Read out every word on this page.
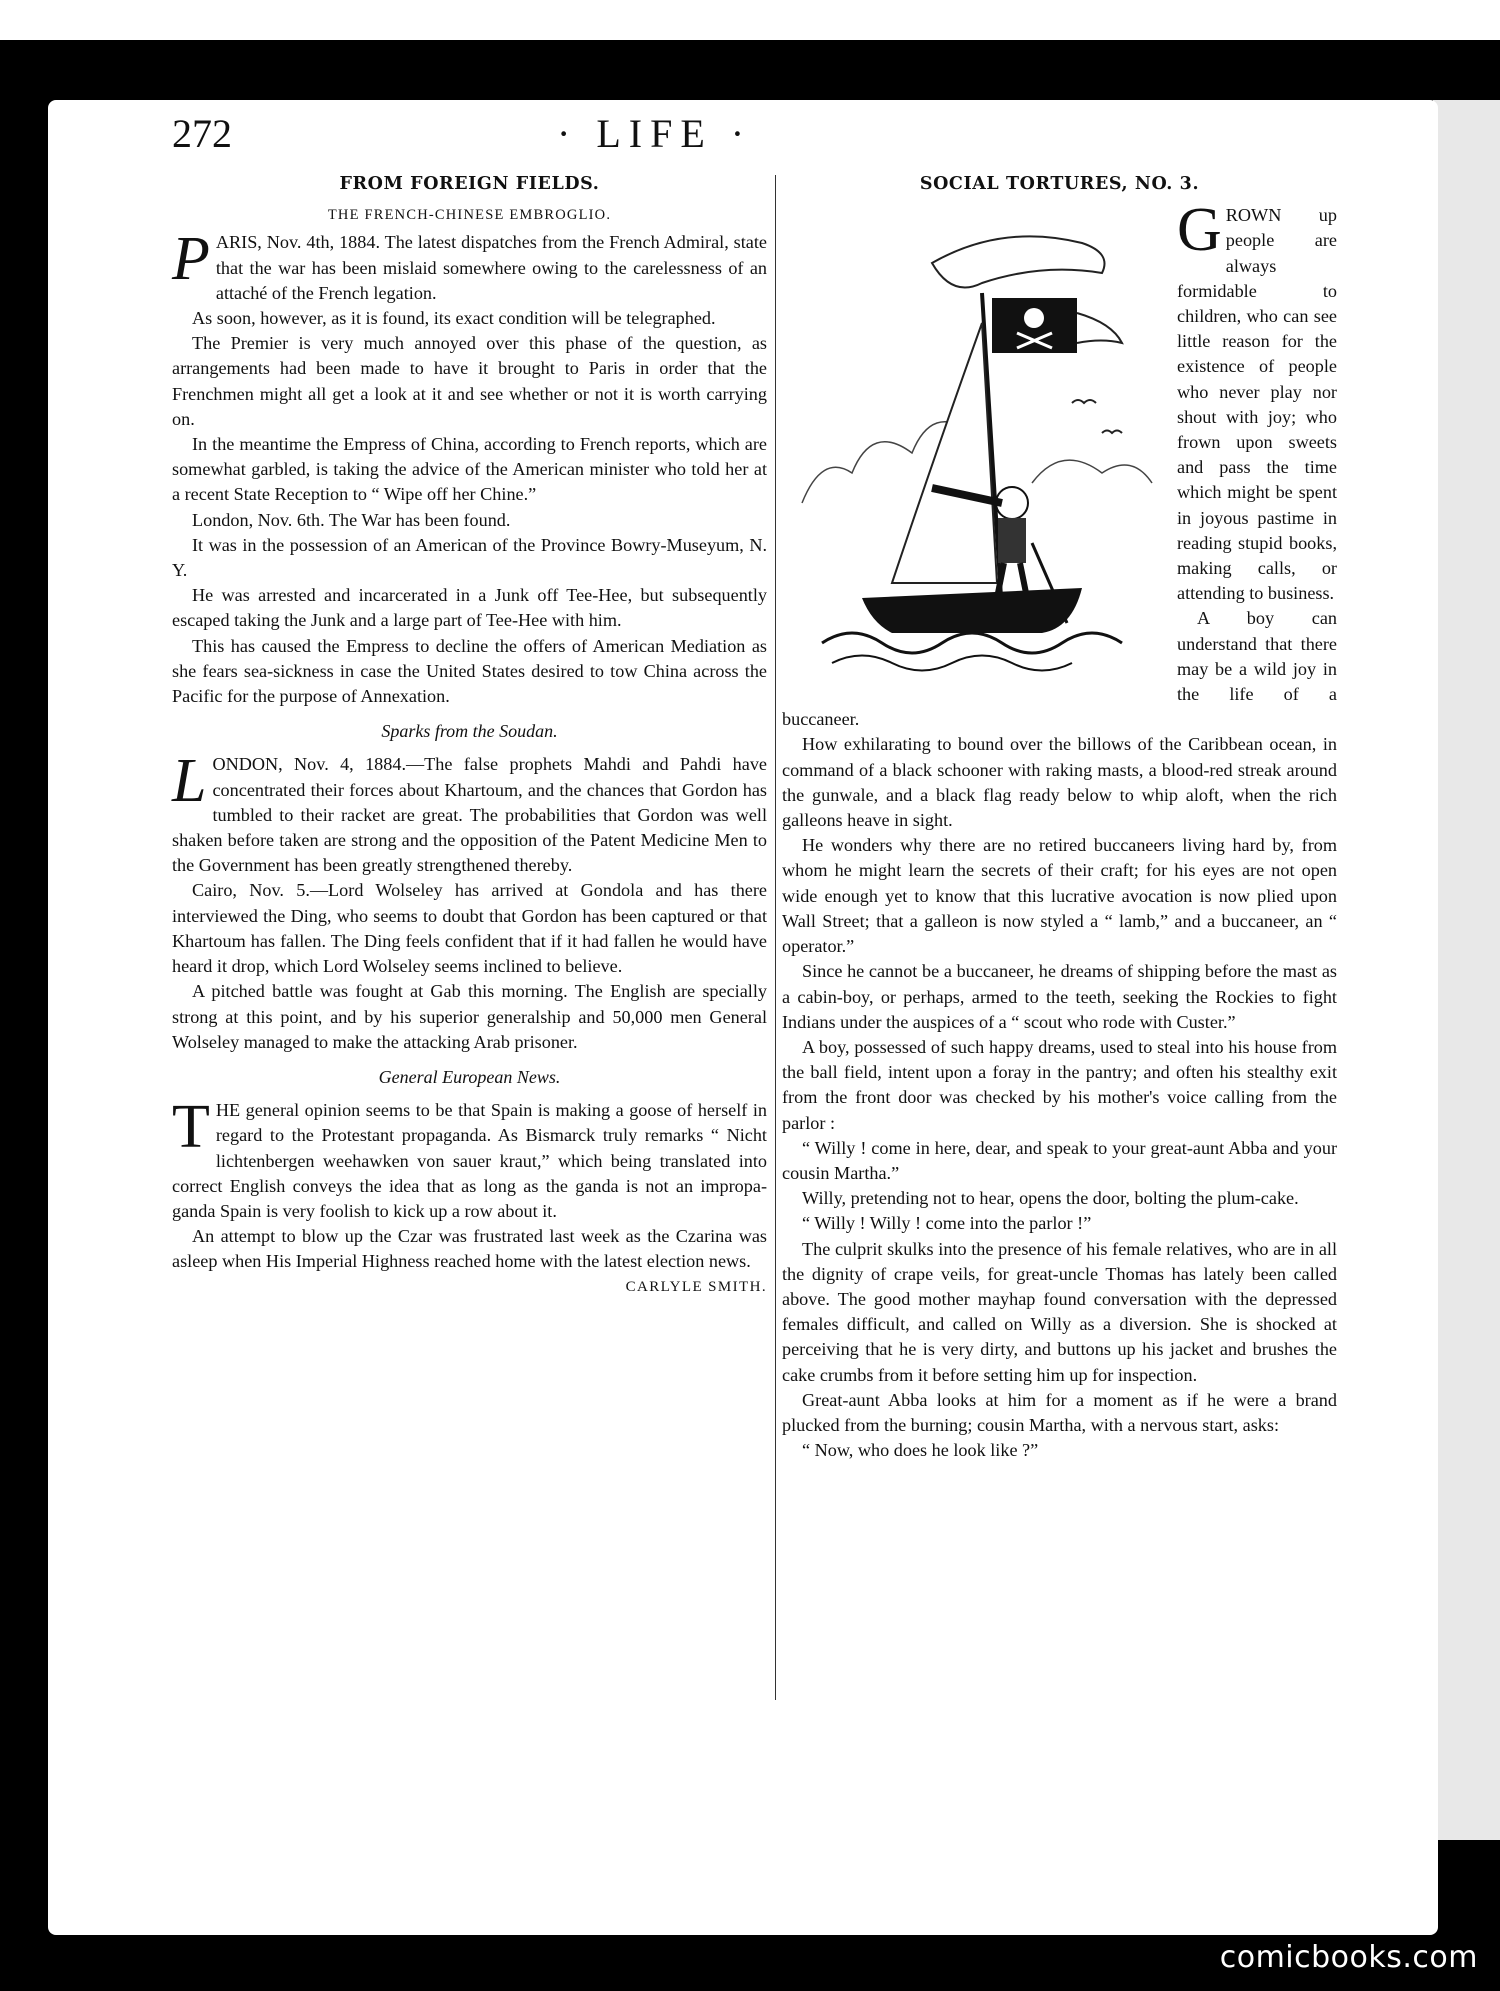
272	· LIFE ·
FROM FOREIGN FIELDS.
THE FRENCH-CHINESE EMBROGLIO.

PARIS, Nov. 4th, 1884. The latest dispatches from the French Admiral, state that the war has been mislaid somewhere owing to the carelessness of an attaché of the French legation.

As soon, however, as it is found, its exact condition will be telegraphed.

The Premier is very much annoyed over this phase of the question, as arrangements had been made to have it brought to Paris in order that the Frenchmen might all get a look at it and see whether or not it is worth carrying on.

In the meantime the Empress of China, according to French reports, which are somewhat garbled, is taking the advice of the American minister who told her at a recent State Reception to “ Wipe off her Chine.”

London, Nov. 6th. The War has been found.

It was in the possession of an American of the Province Bowry-Museyum, N. Y.

He was arrested and incarcerated in a Junk off Tee-Hee, but subsequently escaped taking the Junk and a large part of Tee-Hee with him.

This has caused the Empress to decline the offers of American Mediation as she fears sea-sickness in case the United States desired to tow China across the Pacific for the purpose of Annexation.

Sparks from the Soudan.

LONDON, Nov. 4, 1884.—The false prophets Mahdi and Pahdi have concentrated their forces about Khartoum, and the chances that Gordon has tumbled to their racket are great. The probabilities that Gordon was well shaken before taken are strong and the opposition of the Patent Medicine Men to the Government has been greatly strengthened thereby.

Cairo, Nov. 5.—Lord Wolseley has arrived at Gondola and has there interviewed the Ding, who seems to doubt that Gordon has been captured or that Khartoum has fallen. The Ding feels confident that if it had fallen he would have heard it drop, which Lord Wolseley seems inclined to believe.

A pitched battle was fought at Gab this morning. The English are specially strong at this point, and by his superior generalship and 50,000 men General Wolseley managed to make the attacking Arab prisoner.

General European News.

THE general opinion seems to be that Spain is making a goose of herself in regard to the Protestant propaganda. As Bismarck truly remarks “ Nicht lichtenbergen weehawken von sauer kraut,” which being translated into correct English conveys the idea that as long as the ganda is not an impropa-ganda Spain is very foolish to kick up a row about it.

An attempt to blow up the Czar was frustrated last week as the Czarina was asleep when His Imperial Highness reached home with the latest election news.

CARLYLE SMITH.

SOCIAL TORTURES, NO. 3.

GROWN up people are always formidable to children, who can see little reason for the existence of people who never play nor shout with joy; who frown upon sweets and pass the time which might be spent in joyous pastime in reading stupid books, making calls, or attending to business.

A boy can understand that there may be a wild joy in the life of a buccaneer.

How exhilarating to bound over the billows of the Caribbean ocean, in command of a black schooner with raking masts, a blood-red streak around the gunwale, and a black flag ready below to whip aloft, when the rich galleons heave in sight.

He wonders why there are no retired buccaneers living hard by, from whom he might learn the secrets of their craft; for his eyes are not open wide enough yet to know that this lucrative avocation is now plied upon Wall Street; that a galleon is now styled a “ lamb,” and a buccaneer, an “ operator.”

Since he cannot be a buccaneer, he dreams of shipping before the mast as a cabin-boy, or perhaps, armed to the teeth, seeking the Rockies to fight Indians under the auspices of a “ scout who rode with Custer.”

A boy, possessed of such happy dreams, used to steal into his house from the ball field, intent upon a foray in the pantry; and often his stealthy exit from the front door was checked by his mother's voice calling from the parlor :

“ Willy ! come in here, dear, and speak to your great-aunt Abba and your cousin Martha.”

Willy, pretending not to hear, opens the door, bolting the plum-cake.

“ Willy ! Willy ! come into the parlor !”

The culprit skulks into the presence of his female relatives, who are in all the dignity of crape veils, for great-uncle Thomas has lately been called above. The good mother mayhap found conversation with the depressed females difficult, and called on Willy as a diversion. She is shocked at perceiving that he is very dirty, and buttons up his jacket and brushes the cake crumbs from it before setting him up for inspection.

Great-aunt Abba looks at him for a moment as if he were a brand plucked from the burning; cousin Martha, with a nervous start, asks:

“ Now, who does he look like ?”

comicbooks.com
